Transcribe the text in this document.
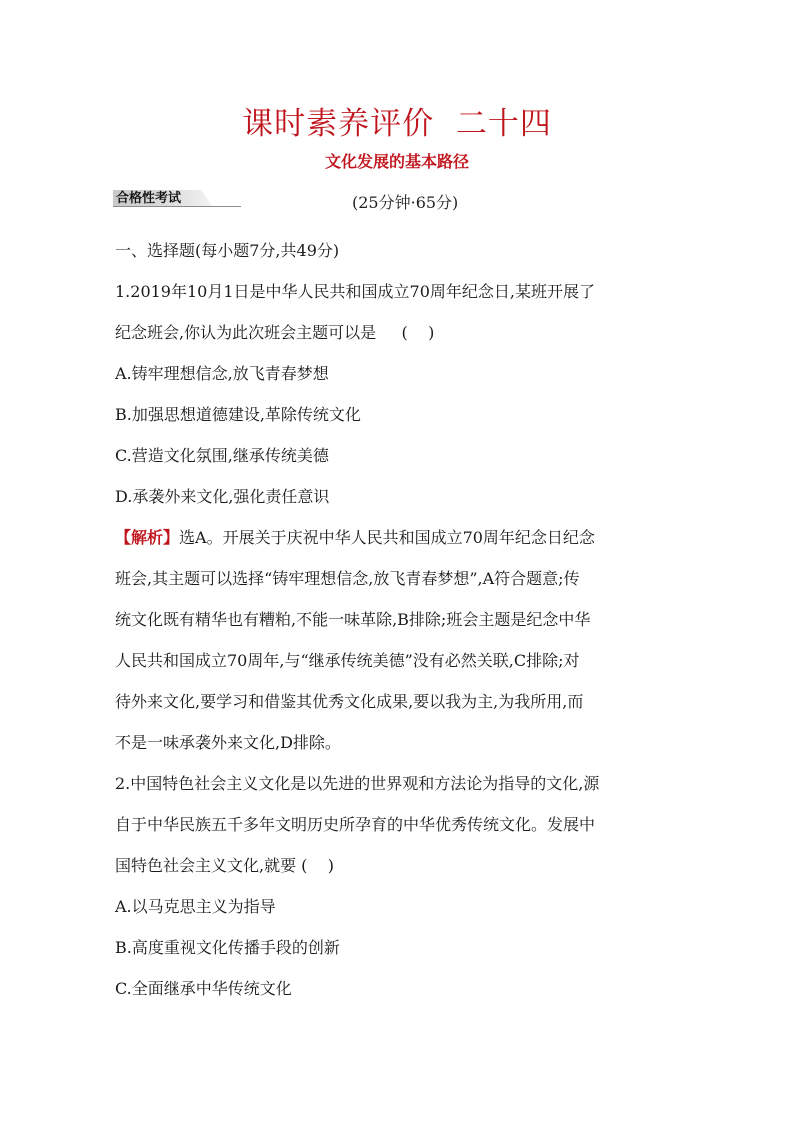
课时素养评价  二十四
文化发展的基本路径
合格性考试	(25分钟·65分)

一、选择题(每小题7分,共49分)

1.2019年10月1日是中华人民共和国成立70周年纪念日,某班开展了

纪念班会,你认为此次班会主题可以是     (    )

A.铸牢理想信念,放飞青春梦想

B.加强思想道德建设,革除传统文化

C.营造文化氛围,继承传统美德

D.承袭外来文化,强化责任意识

【解析】选A。开展关于庆祝中华人民共和国成立70周年纪念日纪念

班会,其主题可以选择“铸牢理想信念,放飞青春梦想”,A符合题意;传

统文化既有精华也有糟粕,不能一味革除,B排除;班会主题是纪念中华

人民共和国成立70周年,与“继承传统美德”没有必然关联,C排除;对

待外来文化,要学习和借鉴其优秀文化成果,要以我为主,为我所用,而

不是一味承袭外来文化,D排除。

2.中国特色社会主义文化是以先进的世界观和方法论为指导的文化,源

自于中华民族五千多年文明历史所孕育的中华优秀传统文化。发展中

国特色社会主义文化,就要 (    )

A.以马克思主义为指导

B.高度重视文化传播手段的创新

C.全面继承中华传统文化
